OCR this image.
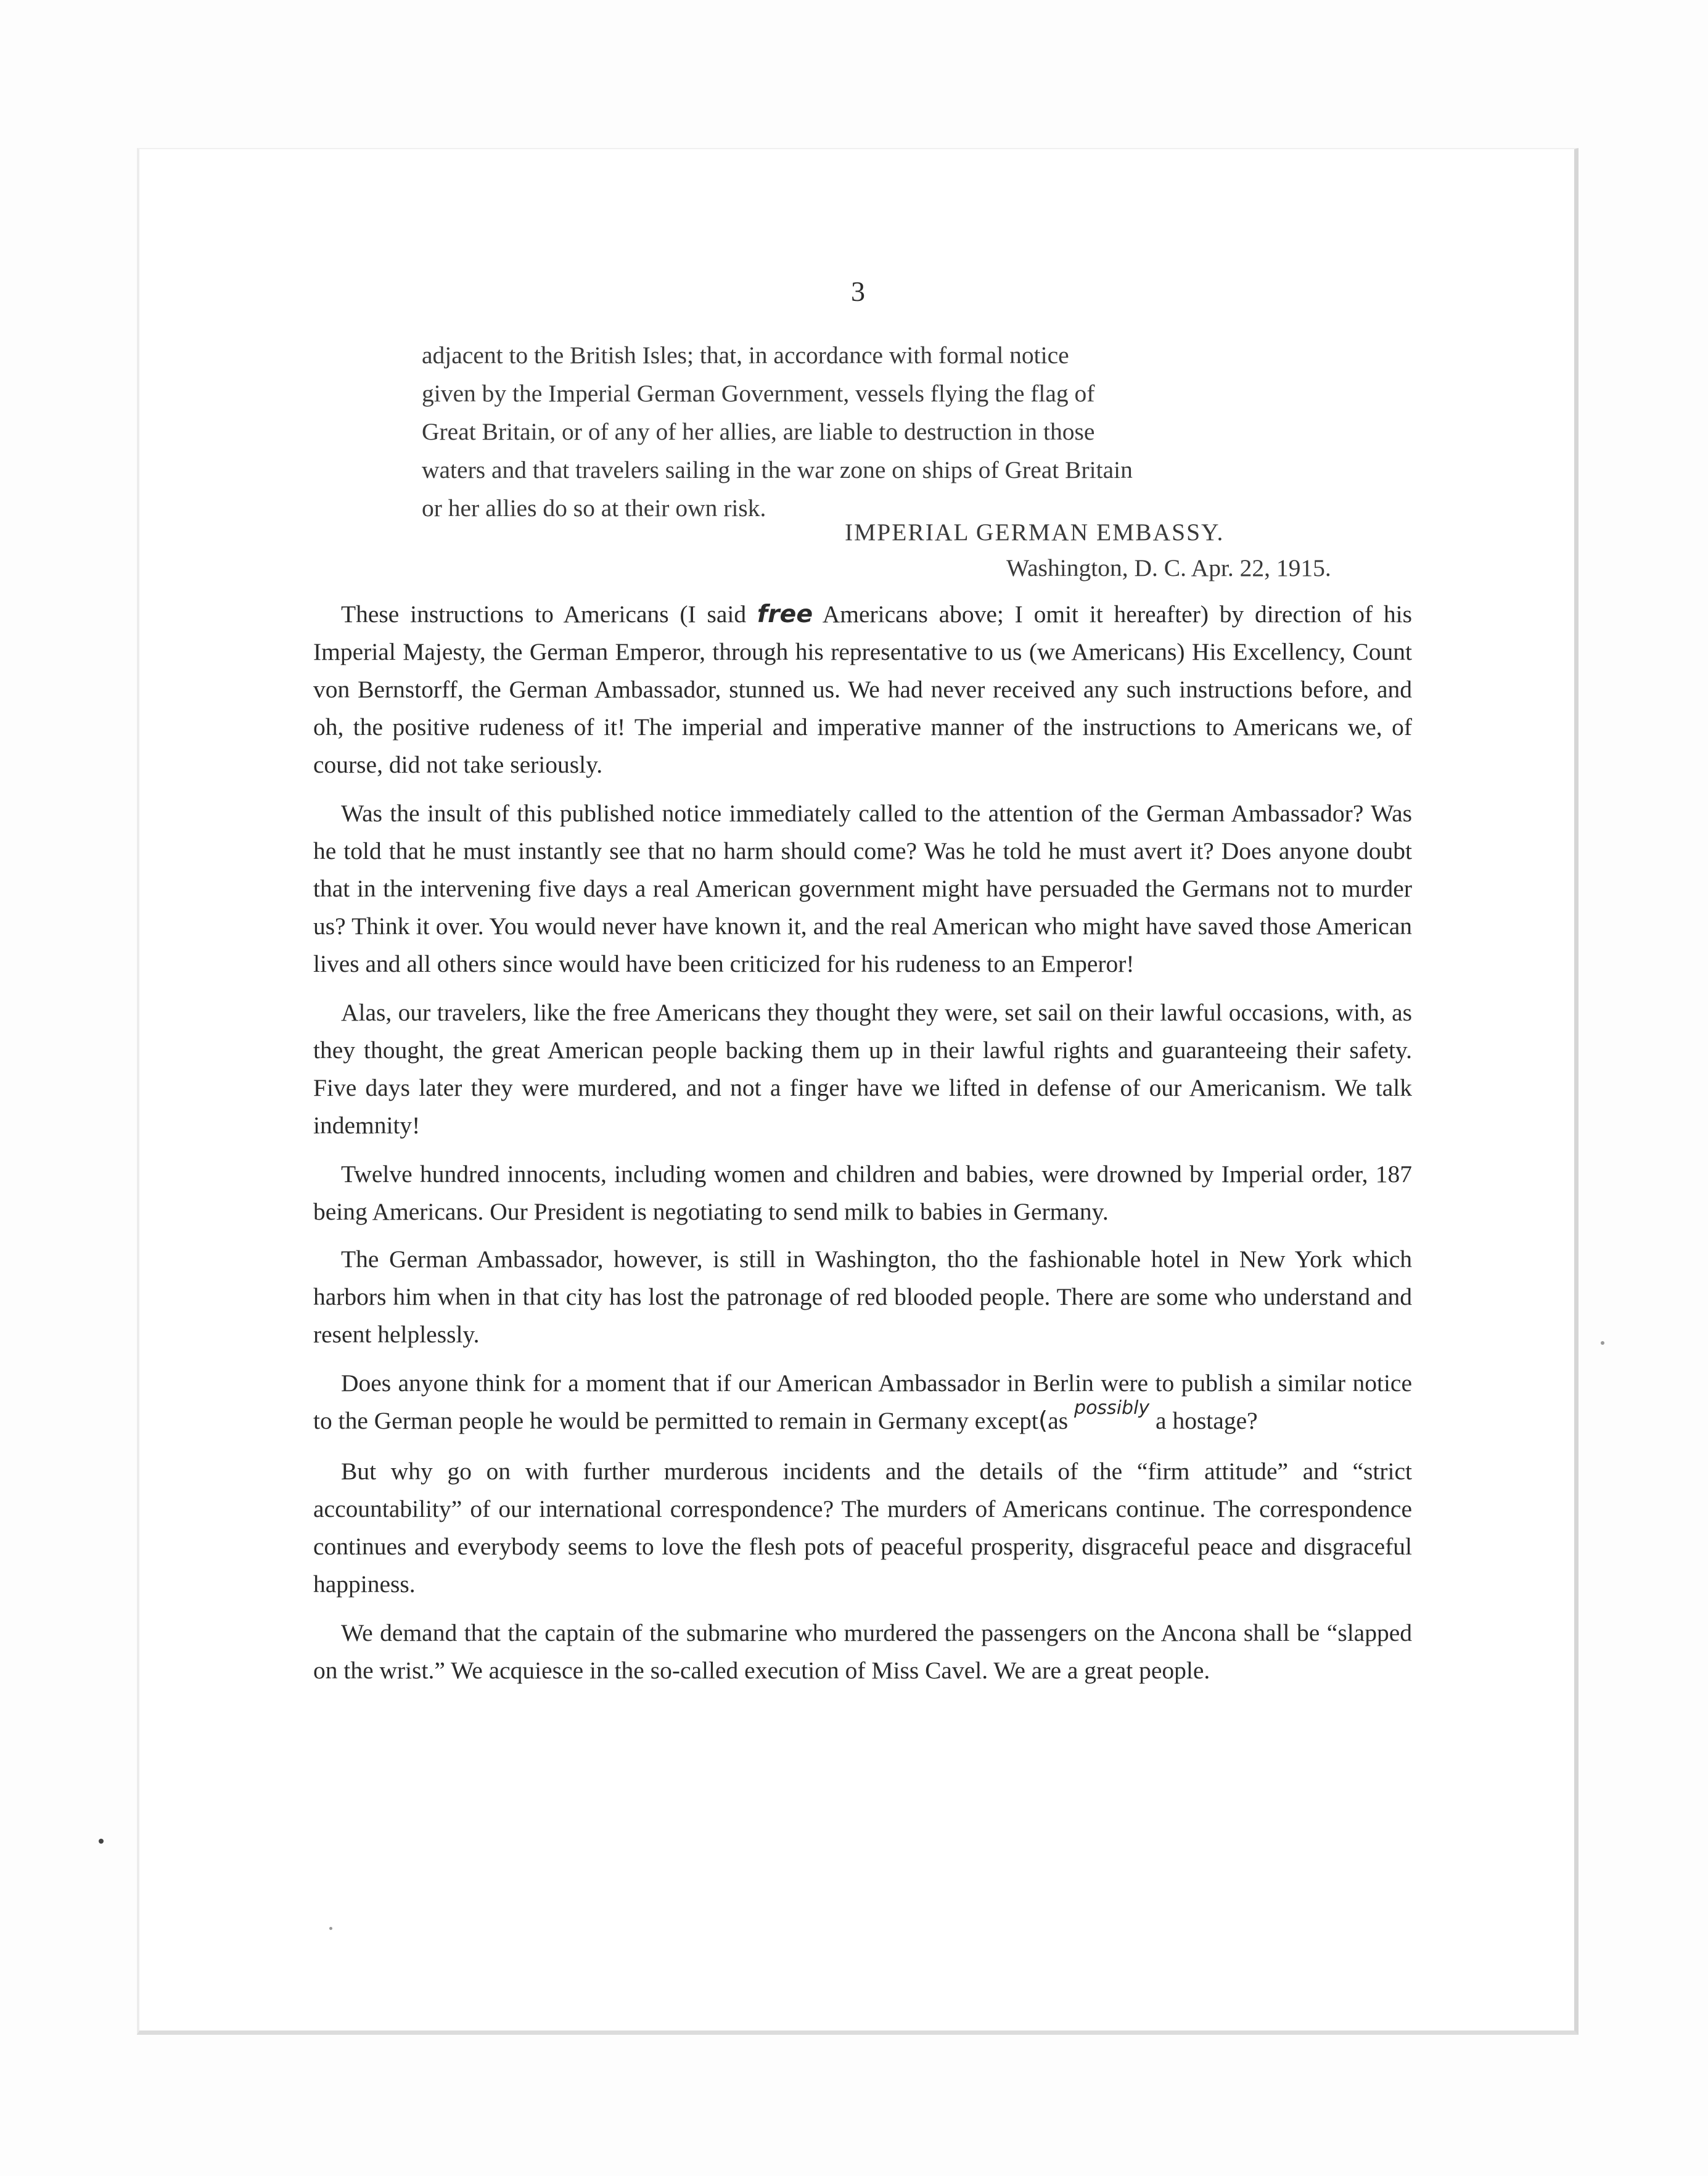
3
adjacent to the British Isles; that, in accordance with formal notice
given by the Imperial German Government, vessels flying the flag of
Great Britain, or of any of her allies, are liable to destruction in those
waters and that travelers sailing in the war zone on ships of Great Britain
or her allies do so at their own risk.
IMPERIAL GERMAN EMBASSY.
Washington, D. C. Apr. 22, 1915.

These instructions to Americans (I said free Americans above; I omit it hereafter) by direction of his Imperial Majesty, the German Emperor, through his representative to us (we Americans) His Excellency, Count von Bernstorff, the German Ambassador, stunned us. We had never received any such instructions before, and oh, the positive rudeness of it! The imperial and imperative manner of the instructions to Americans we, of course, did not take seriously.

Was the insult of this published notice immediately called to the attention of the German Ambassador? Was he told that he must instantly see that no harm should come? Was he told he must avert it? Does anyone doubt that in the intervening five days a real American government might have persuaded the Germans not to murder us? Think it over. You would never have known it, and the real American who might have saved those American lives and all others since would have been criticized for his rudeness to an Emperor!

Alas, our travelers, like the free Americans they thought they were, set sail on their lawful occasions, with, as they thought, the great American people backing them up in their lawful rights and guaranteeing their safety. Five days later they were murdered, and not a finger have we lifted in defense of our Americanism. We talk indemnity!

Twelve hundred innocents, including women and children and babies, were drowned by Imperial order, 187 being Americans. Our President is negotiating to send milk to babies in Germany.

The German Ambassador, however, is still in Washington, tho the fashionable hotel in New York which harbors him when in that city has lost the patronage of red blooded people. There are some who understand and resent helplessly.

Does anyone think for a moment that if our American Ambassador in Berlin were to publish a similar notice to the German people he would be permitted to remain in Germany except(as $^{possibly}$ a hostage?

But why go on with further murderous incidents and the details of the “firm attitude” and “strict accountability” of our international correspondence? The murders of Americans continue. The correspondence continues and everybody seems to love the flesh pots of peaceful prosperity, disgraceful peace and disgraceful happiness.

We demand that the captain of the submarine who murdered the passengers on the Ancona shall be “slapped on the wrist.” We acquiesce in the so-called execution of Miss Cavel. We are a great people.
